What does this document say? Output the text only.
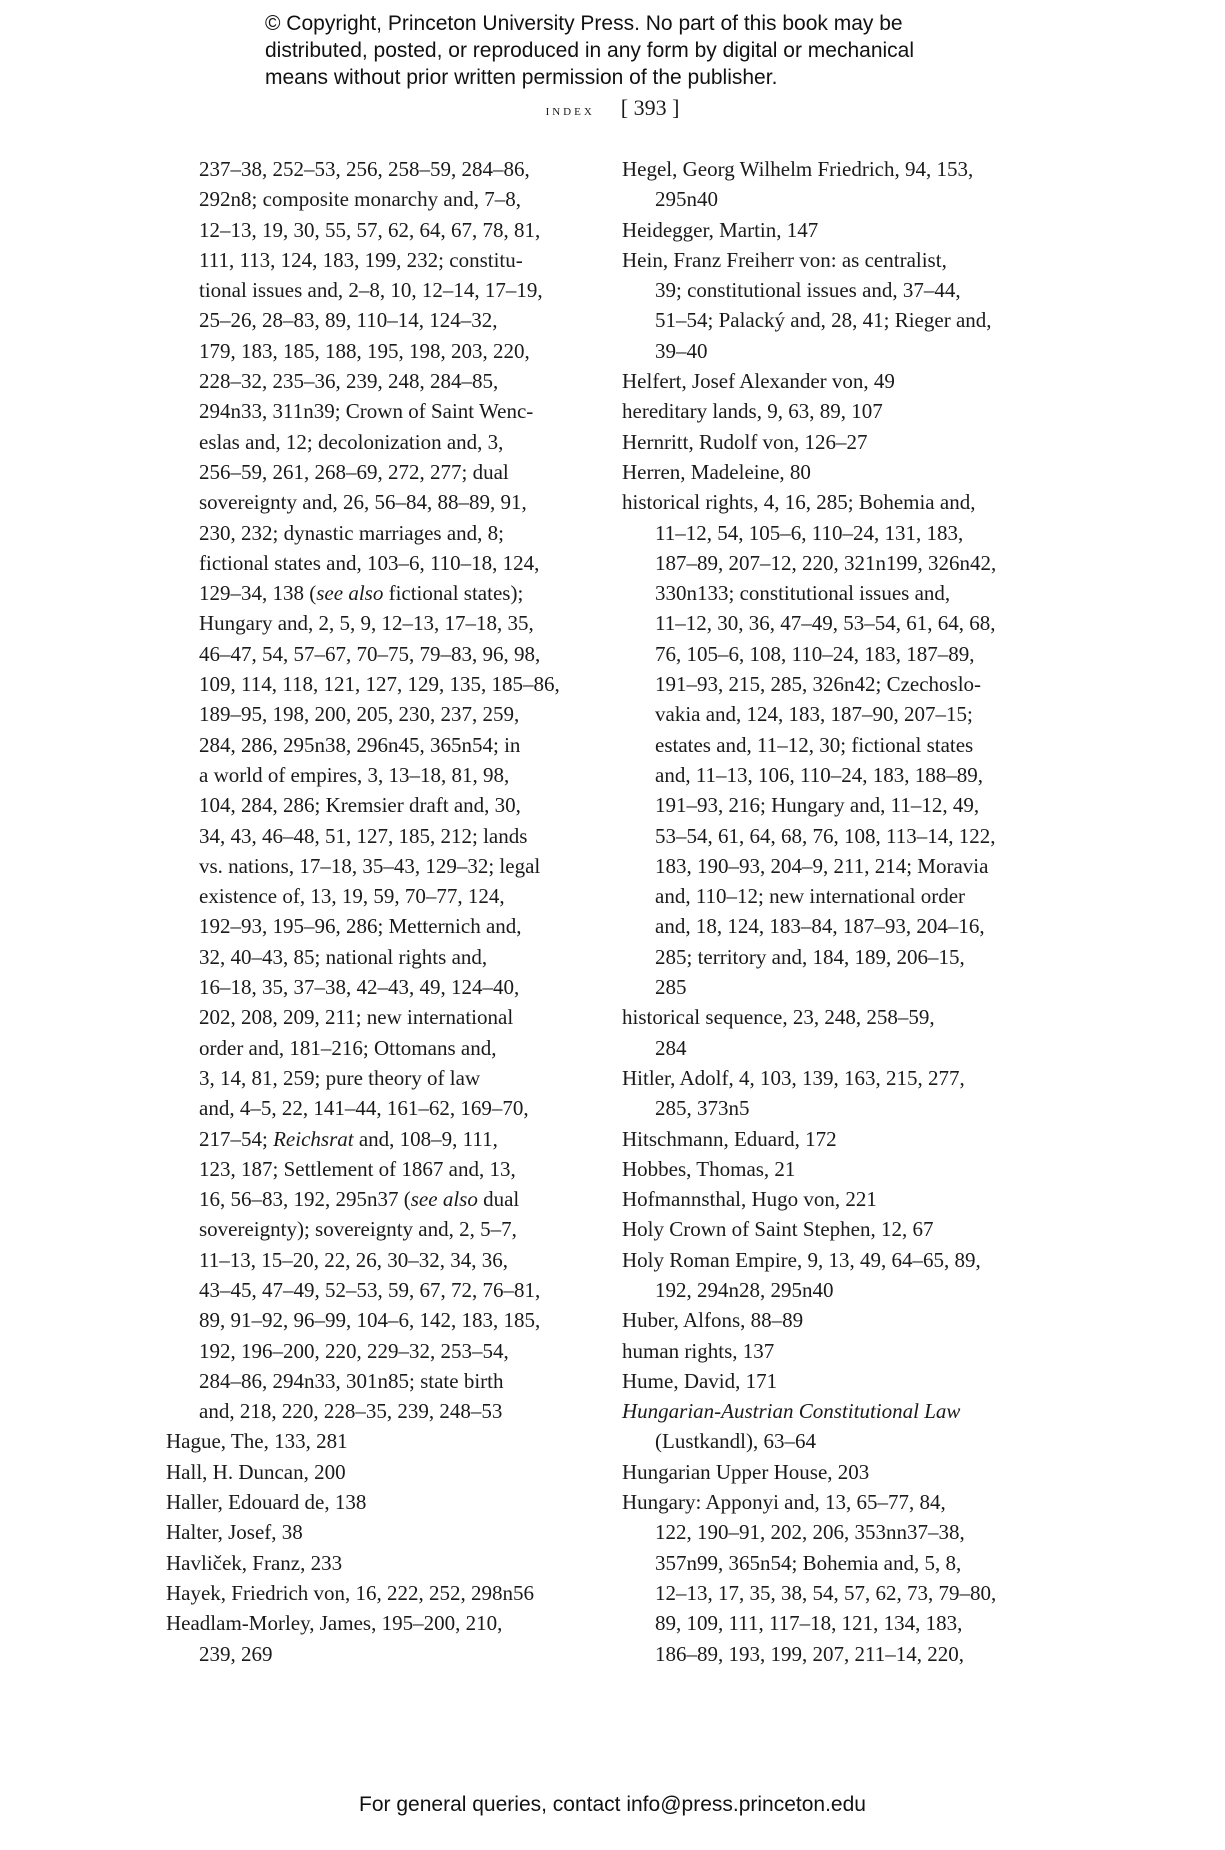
© Copyright, Princeton University Press. No part of this book may be
distributed, posted, or reproduced in any form by digital or mechanical
means without prior written permission of the publisher.
index [ 393 ]
237–38, 252–53, 256, 258–59, 284–86,
292n8; composite monarchy and, 7–8,
12–13, 19, 30, 55, 57, 62, 64, 67, 78, 81,
111, 113, 124, 183, 199, 232; constitu-
tional issues and, 2–8, 10, 12–14, 17–19,
25–26, 28–83, 89, 110–14, 124–32,
179, 183, 185, 188, 195, 198, 203, 220,
228–32, 235–36, 239, 248, 284–85,
294n33, 311n39; Crown of Saint Wenc-
eslas and, 12; decolonization and, 3,
256–59, 261, 268–69, 272, 277; dual
sovereignty and, 26, 56–84, 88–89, 91,
230, 232; dynastic marriages and, 8;
fictional states and, 103–6, 110–18, 124,
129–34, 138 (see also fictional states);
Hungary and, 2, 5, 9, 12–13, 17–18, 35,
46–47, 54, 57–67, 70–75, 79–83, 96, 98,
109, 114, 118, 121, 127, 129, 135, 185–86,
189–95, 198, 200, 205, 230, 237, 259,
284, 286, 295n38, 296n45, 365n54; in
a world of empires, 3, 13–18, 81, 98,
104, 284, 286; Kremsier draft and, 30,
34, 43, 46–48, 51, 127, 185, 212; lands
vs. nations, 17–18, 35–43, 129–32; legal
existence of, 13, 19, 59, 70–77, 124,
192–93, 195–96, 286; Metternich and,
32, 40–43, 85; national rights and,
16–18, 35, 37–38, 42–43, 49, 124–40,
202, 208, 209, 211; new international
order and, 181–216; Ottomans and,
3, 14, 81, 259; pure theory of law
and, 4–5, 22, 141–44, 161–62, 169–70,
217–54; Reichsrat and, 108–9, 111,
123, 187; Settlement of 1867 and, 13,
16, 56–83, 192, 295n37 (see also dual
sovereignty); sovereignty and, 2, 5–7,
11–13, 15–20, 22, 26, 30–32, 34, 36,
43–45, 47–49, 52–53, 59, 67, 72, 76–81,
89, 91–92, 96–99, 104–6, 142, 183, 185,
192, 196–200, 220, 229–32, 253–54,
284–86, 294n33, 301n85; state birth
and, 218, 220, 228–35, 239, 248–53
Hague, The, 133, 281
Hall, H. Duncan, 200
Haller, Edouard de, 138
Halter, Josef, 38
Havliček, Franz, 233
Hayek, Friedrich von, 16, 222, 252, 298n56
Headlam-Morley, James, 195–200, 210,
239, 269
Hegel, Georg Wilhelm Friedrich, 94, 153,
295n40
Heidegger, Martin, 147
Hein, Franz Freiherr von: as centralist,
39; constitutional issues and, 37–44,
51–54; Palacký and, 28, 41; Rieger and,
39–40
Helfert, Josef Alexander von, 49
hereditary lands, 9, 63, 89, 107
Hernritt, Rudolf von, 126–27
Herren, Madeleine, 80
historical rights, 4, 16, 285; Bohemia and,
11–12, 54, 105–6, 110–24, 131, 183,
187–89, 207–12, 220, 321n199, 326n42,
330n133; constitutional issues and,
11–12, 30, 36, 47–49, 53–54, 61, 64, 68,
76, 105–6, 108, 110–24, 183, 187–89,
191–93, 215, 285, 326n42; Czechoslo-
vakia and, 124, 183, 187–90, 207–15;
estates and, 11–12, 30; fictional states
and, 11–13, 106, 110–24, 183, 188–89,
191–93, 216; Hungary and, 11–12, 49,
53–54, 61, 64, 68, 76, 108, 113–14, 122,
183, 190–93, 204–9, 211, 214; Moravia
and, 110–12; new international order
and, 18, 124, 183–84, 187–93, 204–16,
285; territory and, 184, 189, 206–15,
285
historical sequence, 23, 248, 258–59,
284
Hitler, Adolf, 4, 103, 139, 163, 215, 277,
285, 373n5
Hitschmann, Eduard, 172
Hobbes, Thomas, 21
Hofmannsthal, Hugo von, 221
Holy Crown of Saint Stephen, 12, 67
Holy Roman Empire, 9, 13, 49, 64–65, 89,
192, 294n28, 295n40
Huber, Alfons, 88–89
human rights, 137
Hume, David, 171
Hungarian-Austrian Constitutional Law
(Lustkandl), 63–64
Hungarian Upper House, 203
Hungary: Apponyi and, 13, 65–77, 84,
122, 190–91, 202, 206, 353nn37–38,
357n99, 365n54; Bohemia and, 5, 8,
12–13, 17, 35, 38, 54, 57, 62, 73, 79–80,
89, 109, 111, 117–18, 121, 134, 183,
186–89, 193, 199, 207, 211–14, 220,
For general queries, contact info@press.princeton.edu
